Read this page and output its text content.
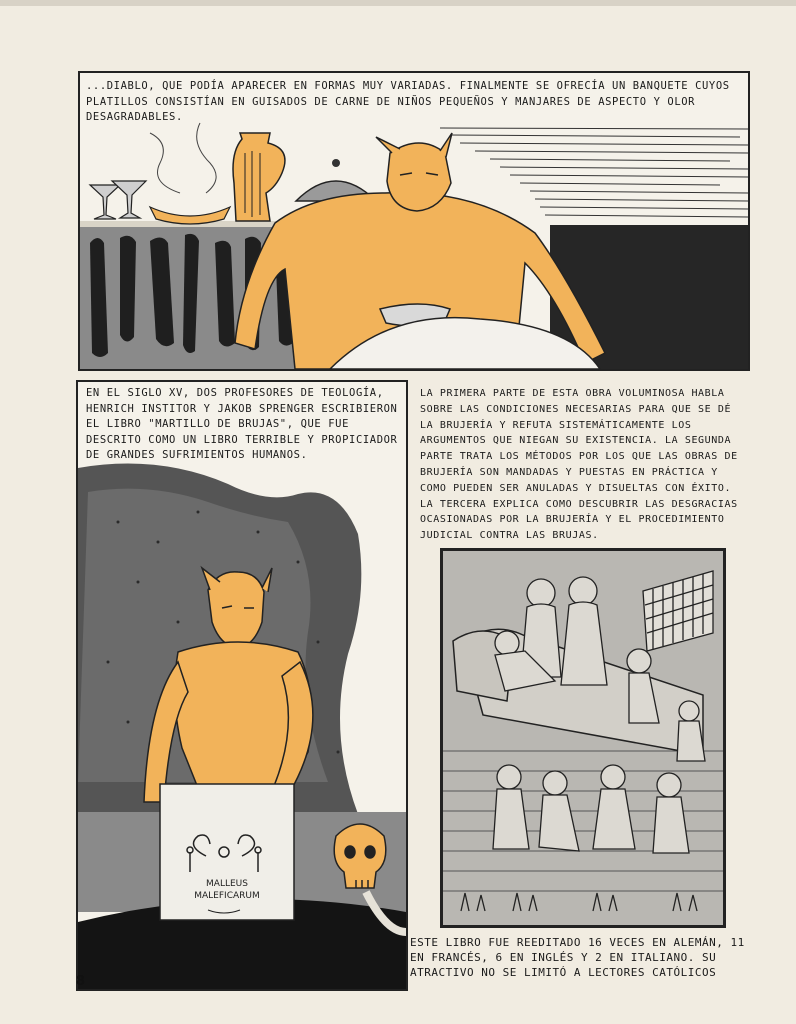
...DIABLO, QUE PODÍA APARECER EN FORMAS MUY VARIADAS. FINALMENTE SE OFRECÍA UN BANQUETE CUYOS PLATILLOS CONSISTÍAN EN GUISADOS DE CARNE DE NIÑOS PEQUEÑOS Y MANJARES DE ASPECTO Y OLOR DESAGRADABLES.
EN EL SIGLO XV, DOS PROFESORES DE TEOLOGÍA, HENRICH INSTITOR Y JAKOB SPRENGER ESCRIBIERON EL LIBRO "MARTILLO DE BRUJAS", QUE FUE DESCRITO COMO UN LIBRO TERRIBLE Y PROPICIADOR DE GRANDES SUFRIMIENTOS HUMANOS.
MALLEUS
MALEFICARUM
LA PRIMERA PARTE DE ESTA OBRA VOLUMINOSA HABLA SOBRE LAS CONDICIONES NECESARIAS PARA QUE SE DÉ LA BRUJERÍA Y REFUTA SISTEMÁTICAMENTE LOS ARGUMENTOS QUE NIEGAN SU EXISTENCIA. LA SEGUNDA PARTE TRATA LOS MÉTODOS POR LOS QUE LAS OBRAS DE BRUJERÍA SON MANDADAS Y PUESTAS EN PRÁCTICA Y COMO PUEDEN SER ANULADAS Y DISUELTAS CON ÉXITO. LA TERCERA EXPLICA COMO DESCUBRIR LAS DESGRACIAS OCASIONADAS POR LA BRUJERÍA Y EL PROCEDIMIENTO JUDICIAL CONTRA LAS BRUJAS.
ESTE LIBRO FUE REEDITADO 16 VECES EN ALEMÁN, 11 EN FRANCÉS, 6 EN INGLÉS Y 2 EN ITALIANO. SU ATRACTIVO NO SE LIMITÓ A LECTORES CATÓLICOS
8
